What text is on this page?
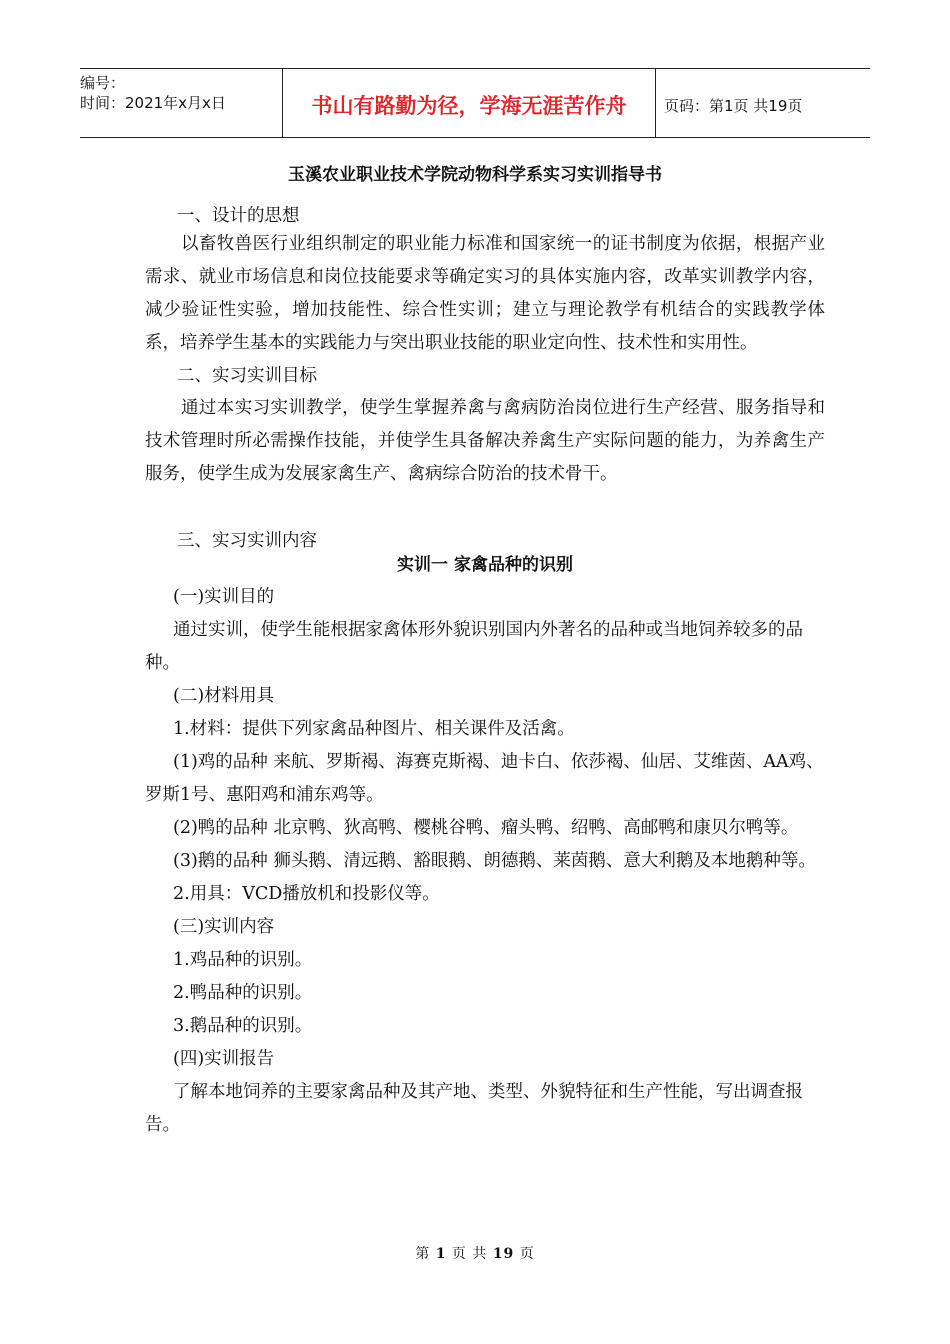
编号：
时间：2021年x月x日	书山有路勤为径，学海无涯苦作舟	页码：第1页 共19页
玉溪农业职业技术学院动物科学系实习实训指导书
一、设计的思想
以畜牧兽医行业组织制定的职业能力标准和国家统一的证书制度为依据，根据产业需求、就业市场信息和岗位技能要求等确定实习的具体实施内容，改革实训教学内容，减少验证性实验，增加技能性、综合性实训；建立与理论教学有机结合的实践教学体系，培养学生基本的实践能力与突出职业技能的职业定向性、技术性和实用性。
二、实习实训目标
通过本实习实训教学，使学生掌握养禽与禽病防治岗位进行生产经营、服务指导和技术管理时所必需操作技能，并使学生具备解决养禽生产实际问题的能力，为养禽生产服务，使学生成为发展家禽生产、禽病综合防治的技术骨干。
三、实习实训内容
实训一 家禽品种的识别
(一)实训目的
通过实训，使学生能根据家禽体形外貌识别国内外著名的品种或当地饲养较多的品种。
(二)材料用具
1.材料：提供下列家禽品种图片、相关课件及活禽。
(1)鸡的品种 来航、罗斯褐、海赛克斯褐、迪卡白、依莎褐、仙居、艾维茵、AA鸡、罗斯1号、惠阳鸡和浦东鸡等。
(2)鸭的品种 北京鸭、狄高鸭、樱桃谷鸭、瘤头鸭、绍鸭、高邮鸭和康贝尔鸭等。
(3)鹅的品种 狮头鹅、清远鹅、豁眼鹅、朗德鹅、莱茵鹅、意大利鹅及本地鹅种等。
2.用具：VCD播放机和投影仪等。
(三)实训内容
1.鸡品种的识别。
2.鸭品种的识别。
3.鹅品种的识别。
(四)实训报告
了解本地饲养的主要家禽品种及其产地、类型、外貌特征和生产性能，写出调查报告。
第 1 页 共 19 页
